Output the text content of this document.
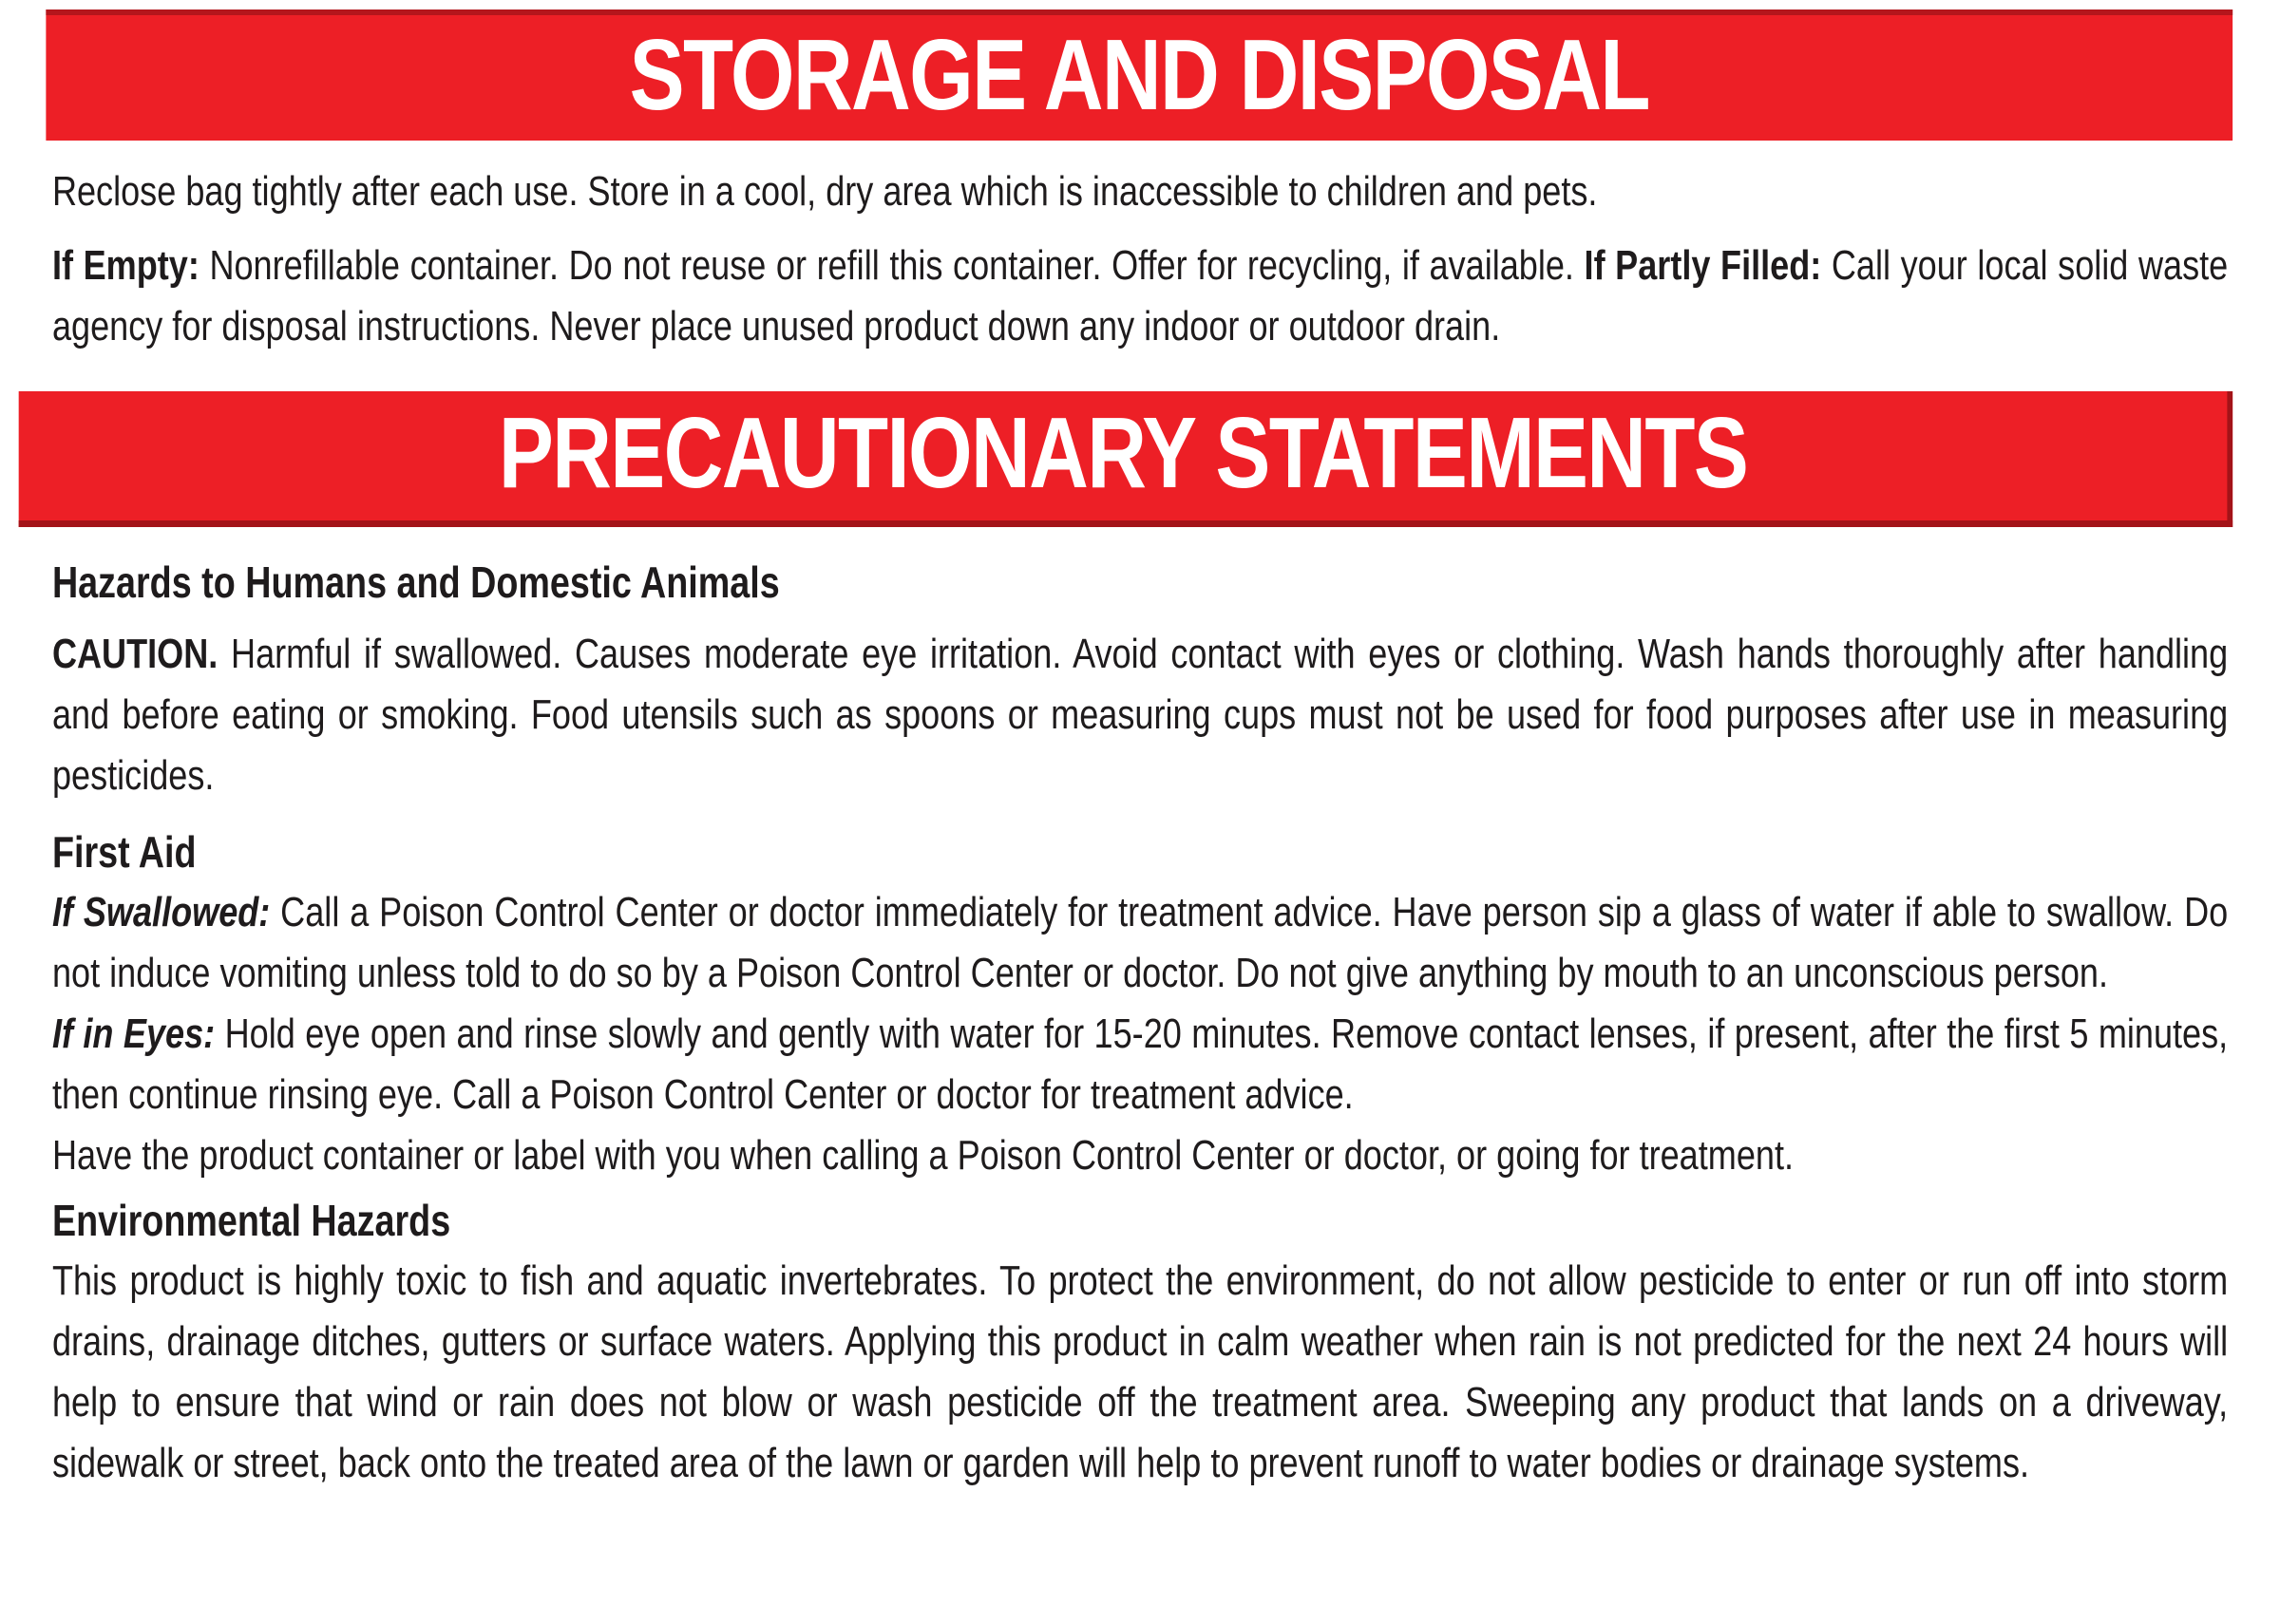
STORAGE AND DISPOSAL

Reclose bag tightly after each use. Store in a cool, dry area which is inaccessible to children and pets.

If Empty: Nonrefillable container. Do not reuse or refill this container. Offer for recycling, if available. If Partly Filled: Call your local solid waste agency for disposal instructions. Never place unused product down any indoor or outdoor drain.

PRECAUTIONARY STATEMENTS
Hazards to Humans and Domestic Animals

CAUTION. Harmful if swallowed. Causes moderate eye irritation. Avoid contact with eyes or clothing. Wash hands thoroughly after handling and before eating or smoking. Food utensils such as spoons or measuring cups must not be used for food purposes after use in measuring pesticides.

First Aid

If Swallowed: Call a Poison Control Center or doctor immediately for treatment advice. Have person sip a glass of water if able to swallow. Do not induce vomiting unless told to do so by a Poison Control Center or doctor. Do not give anything by mouth to an unconscious person.

If in Eyes: Hold eye open and rinse slowly and gently with water for 15-20 minutes. Remove contact lenses, if present, after the first 5 minutes, then continue rinsing eye. Call a Poison Control Center or doctor for treatment advice.

Have the product container or label with you when calling a Poison Control Center or doctor, or going for treatment.

Environmental Hazards

This product is highly toxic to fish and aquatic invertebrates. To protect the environment, do not allow pesticide to enter or run off into storm drains, drainage ditches, gutters or surface waters. Applying this product in calm weather when rain is not predicted for the next 24 hours will help to ensure that wind or rain does not blow or wash pesticide off the treatment area. Sweeping any product that lands on a driveway, sidewalk or street, back onto the treated area of the lawn or garden will help to prevent runoff to water bodies or drainage systems.
